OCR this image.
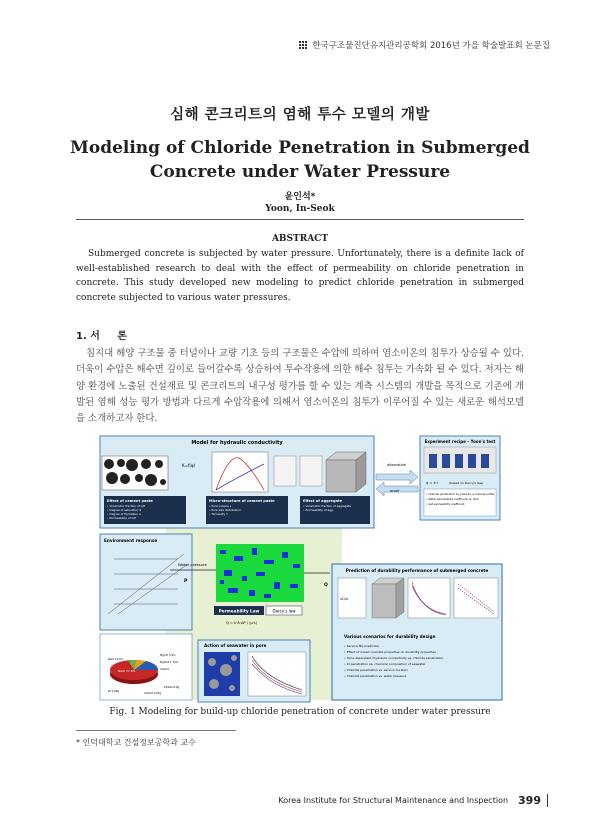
한국구조물진단유지관리공학회 2016년 가을 학술발표회 논문집
심해 콘크리트의 염해 투수 모델의 개발
Modeling of Chloride Penetration in Submerged Concrete under Water Pressure
윤인석*
Yoon, In-Seok
ABSTRACT
Submerged concrete is subjected by water pressure. Unfortunately, there is a definite lack of well-established research to deal with the effect of permeability on chloride penetration in concrete. This study developed new modeling to predict chloride penetration in submerged concrete subjected to various water pressures.
1. 서     론
침지대 해양 구조물 중 터널이나 교량 기초 등의 구조물은 수압에 의하여 염소이온의 침투가 상승될 수 있다. 더욱이 수압은 해수면 깊이로 들어갈수록 상승하여 투수작용에 의한 해수 침투는 가속화 될 수 있다. 저자는 해양 환경에 노출된 건설재료 및 콘크리트의 내구성 평가를 할 수 있는 계측 시스템의 개발을 목적으로 기존에 개발된 염해 성능 평가 방법과 다르게 수압작용에 의해서 염소이온의 침투가 이루어질 수 있는 새로운 해석모델을 소개하고자 한다.
Model for hydraulic conductivity
K=f(φ)
Effect of cement paste
• Volumetric fraction of C/P
• Degree of saturation S
• Degree of Hydration α
• Permeability of C/P
Micro-structure of cement paste
• Pore volume ε
• Pore size distribution
• Tortuosity τ
Effect of aggregate
• Volumetric fraction of aggregate
• Permeability of agg.
alternative
proof
Experiment recipe – Yoon's test
q = k·i	(based on Darcy's law)
• Chloride penetration by pressure ➔ chloride profile
• Water permeability coefficient vs. time
• Get permeability coefficient
Environment response
Water pressure
P
Q
Permeability Law	Darcy's law
Q = k·A·ΔP / (μ·L)
NaCl 77.8%
MgCl2 3.9%
MgSO4 1.75%
CaSO4
K2SO4 0.8g
CaCO3 0.05g
Br 0.08g
NaCl 14.6%
Action of seawater in pore
Prediction of durability performance of submerged concrete
∂C/∂t
Various scenarios for durability design
• Service life prediction
• Effect of mixed concrete properties on durability properties
• Time-dependent (hydraulic conductivity vs. chloride penetration
• Cl penetration vs. chemical composition of seawater
• Chloride penetration vs. service duration
• Chloride penetration vs. water pressure
Fig. 1 Modeling for build-up chloride penetration of concrete under water pressure
* 인덕대학교 건설정보공학과 교수
Korea Institute for Structural Maintenance and Inspection 399
